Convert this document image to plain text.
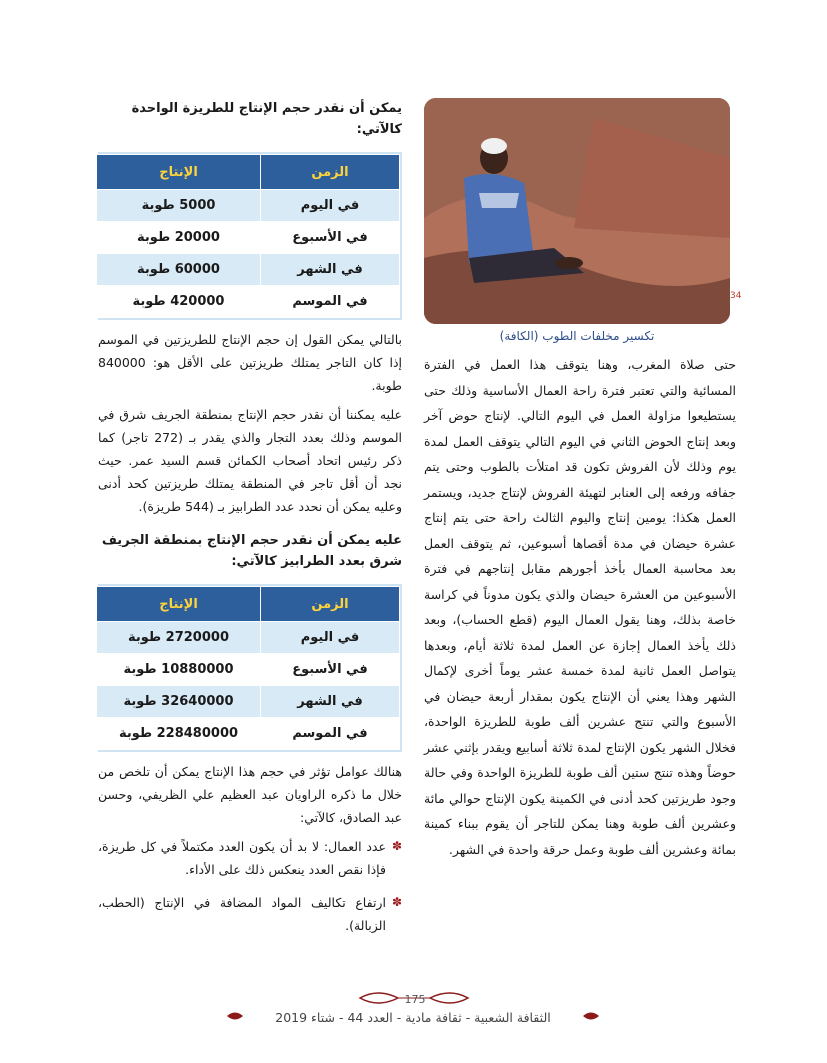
34
تكسير مخلفات الطوب (الكافة)
حتى صلاة المغرب، وهنا يتوقف هذا العمل في الفترة المسائية والتي تعتبر فترة راحة العمال الأساسية وذلك حتى يستطيعوا مزاولة العمل في اليوم التالي. لإنتاج حوض آخر وبعد إنتاج الحوض الثاني في اليوم التالي يتوقف العمل لمدة يوم وذلك لأن الفروش تكون قد امتلأت بالطوب وحتى يتم جفافه ورفعه إلى العنابر لتهيئة الفروش لإنتاج جديد، ويستمر العمل هكذا: يومين إنتاج واليوم الثالث راحة حتى يتم إنتاج عشرة حيضان في مدة أقصاها أسبوعين، ثم يتوقف العمل بعد محاسبة العمال بأخذ أجورهم مقابل إنتاجهم في فترة الأسبوعين من العشرة حيضان والذي يكون مدوناً في كراسة خاصة بذلك، وهنا يقول العمال اليوم (قطع الحساب)، وبعد ذلك يأخذ العمال إجازة عن العمل لمدة ثلاثة أيام، وبعدها يتواصل العمل ثانية لمدة خمسة عشر يوماً أخرى لإكمال الشهر وهذا يعني أن الإنتاج يكون بمقدار أربعة حيضان في الأسبوع والتي تنتج عشرين ألف طوبة للطريزة الواحدة، فخلال الشهر يكون الإنتاج لمدة ثلاثة أسابيع ويقدر بإثني عشر حوضاً وهذه تنتج ستين ألف طوبة للطريزة الواحدة وفي حالة وجود طريزتين كحد أدنى في الكمينة يكون الإنتاج حوالي مائة وعشرين ألف طوبة وهنا يمكن للتاجر أن يقوم ببناء كمينة بمائة وعشرين ألف طوبة وعمل حرقة واحدة في الشهر.
يمكن أن نقدر حجم الإنتاج للطريزة الواحدة كالآتي:
الزمن	الإنتاج
في اليوم	5000 طوبة
في الأسبوع	20000 طوبة
في الشهر	60000 طوبة
في الموسم	420000 طوبة

بالتالي يمكن القول إن حجم الإنتاج للطريزتين في الموسم إذا كان التاجر يمتلك طريزتين على الأقل هو: 840000 طوبة.

عليه يمكننا أن نقدر حجم الإنتاج بمنطقة الجريف شرق في الموسم وذلك بعدد التجار والذي يقدر بـ (272 تاجر) كما ذكر رئيس اتحاد أصحاب الكمائن قسم السيد عمر. حيث نجد أن أقل تاجر في المنطقة يمتلك طريزتين كحد أدنى وعليه يمكن أن نحدد عدد الطرابيز بـ (544 طريزة).

عليه يمكن أن نقدر حجم الإنتاج بمنطقة الجريف شرق بعدد الطرابيز كالآتي:
الزمن	الإنتاج
في اليوم	2720000 طوبة
في الأسبوع	10880000 طوبة
في الشهر	32640000 طوبة
في الموسم	228480000 طوبة

هنالك عوامل تؤثر في حجم هذا الإنتاج يمكن أن تلخص من خلال ما ذكره الراويان عبد العظيم علي الظريفي، وحسن عبد الصادق، كالآتي:

✽
عدد العمال: لا بد أن يكون العدد مكتملاً في كل طريزة، فإذا نقص العدد ينعكس ذلك على الأداء.
✽
ارتفاع تكاليف المواد المضافة في الإنتاج (الحطب، الزبالة).
175
الثقافة الشعبية - ثقافة مادية - العدد 44 - شتاء 2019
